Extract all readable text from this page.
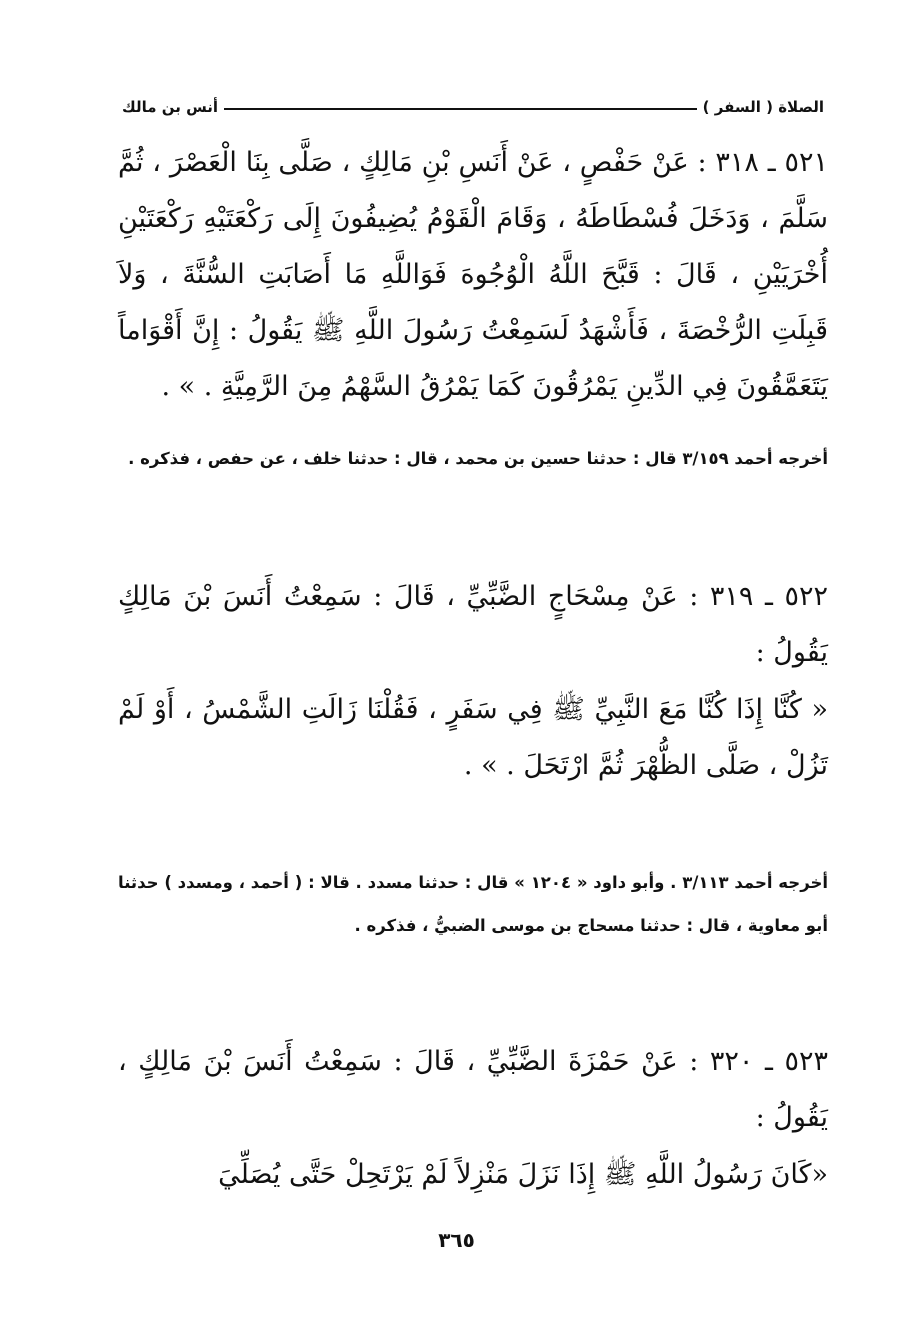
الصلاة ( السفر )
أنس بن مالك
٥٢١ ـ ٣١٨ : عَنْ حَفْصٍ ، عَنْ أَنَسِ بْنِ مَالِكٍ ، صَلَّى بِنَا الْعَصْرَ ، ثُمَّ سَلَّمَ ، وَدَخَلَ فُسْطَاطَهُ ، وَقَامَ الْقَوْمُ يُضِيفُونَ إِلَى رَكْعَتَيْهِ رَكْعَتَيْنِ أُخْرَيَيْنِ ، قَالَ : قَبَّحَ اللَّهُ الْوُجُوهَ فَوَاللَّهِ مَا أَصَابَتِ السُّنَّةَ ، وَلاَ قَبِلَتِ الرُّخْصَةَ ، فَأَشْهَدُ لَسَمِعْتُ رَسُولَ اللَّهِ ﷺ يَقُولُ : إِنَّ أَقْوَاماً يَتَعَمَّقُونَ فِي الدِّينِ يَمْرُقُونَ كَمَا يَمْرُقُ السَّهْمُ مِنَ الرَّمِيَّةِ . » .
أخرجه أحمد ٣/١٥٩ قال : حدثنا حسين بن محمد ، قال : حدثنا خلف ، عن حفص ، فذكره .
٥٢٢ ـ ٣١٩ : عَنْ مِسْحَاجٍ الضَّبِّيِّ ، قَالَ : سَمِعْتُ أَنَسَ بْنَ مَالِكٍ يَقُولُ :
« كُنَّا إِذَا كُنَّا مَعَ النَّبِيِّ ﷺ فِي سَفَرٍ ، فَقُلْنَا زَالَتِ الشَّمْسُ ، أَوْ لَمْ تَزُلْ ، صَلَّى الظُّهْرَ ثُمَّ ارْتَحَلَ . » .
أخرجه أحمد ٣/١١٣ . وأبو داود « ١٢٠٤ » قال : حدثنا مسدد . قالا : ( أحمد ، ومسدد ) حدثنا أبو معاوية ، قال : حدثنا مسحاج بن موسى الضبيُّ ، فذكره .
٥٢٣ ـ ٣٢٠ : عَنْ حَمْزَةَ الضَّبِّيِّ ، قَالَ : سَمِعْتُ أَنَسَ بْنَ مَالِكٍ ، يَقُولُ :
«كَانَ رَسُولُ اللَّهِ ﷺ إِذَا نَزَلَ مَنْزِلاً لَمْ يَرْتَحِلْ حَتَّى يُصَلِّيَ
٣٦٥
